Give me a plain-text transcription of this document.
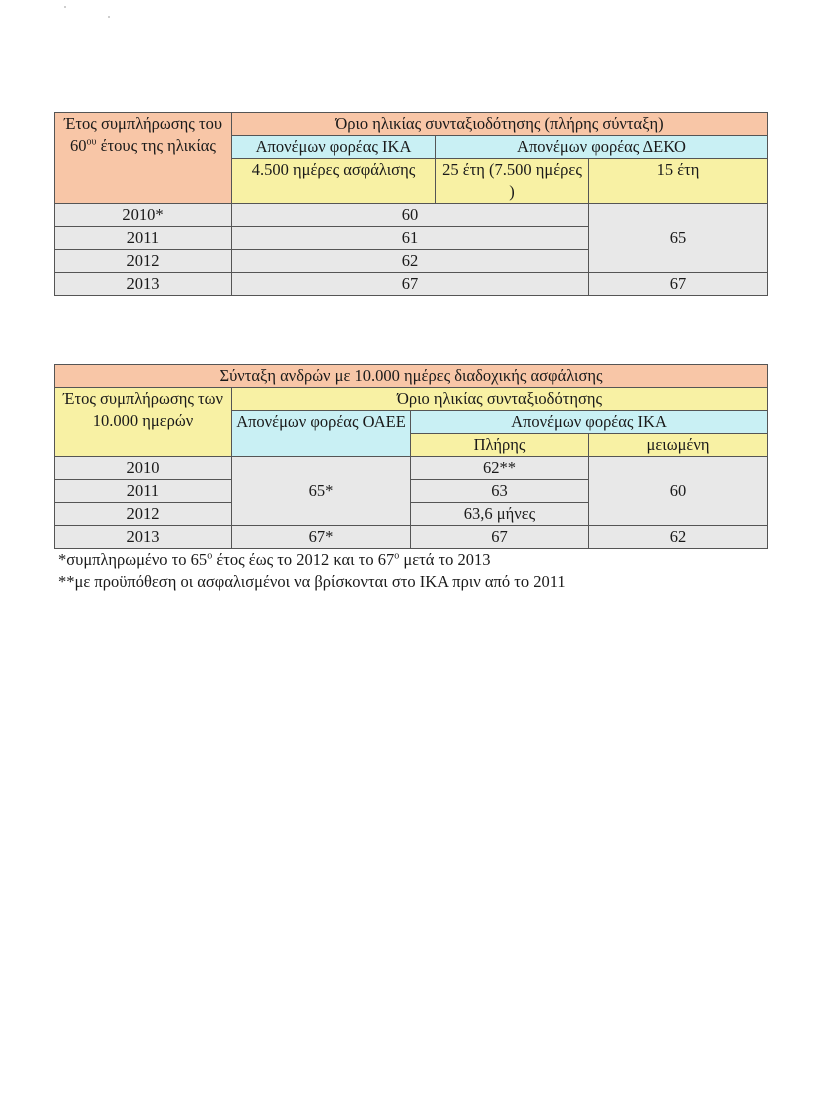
Έτος συμπλήρωσης του $60^{o\upsilon}$ έτους της ηλικίας	Όριο ηλικίας συνταξιοδότησης (πλήρης σύνταξη)		
	Απονέμων φορέας ΙΚΑ	Απονέμων φορέας ΔΕΚΟ	
	4.500 ημέρες ασφάλισης	25 έτη (7.500 ημέρες )	15 έτη
2010*	60		65
2011	61		
2012	62		
2013	67		67
Σύνταξη ανδρών με 10.000 ημέρες διαδοχικής ασφάλισης			
Έτος συμπλήρωσης των 10.000 ημερών	Όριο ηλικίας συνταξιοδότησης		
	Απονέμων φορέας ΟΑΕΕ	Απονέμων φορέας ΙΚΑ	
		Πλήρης	μειωμένη
2010	65*	62**	60
2011		63	
2012		63,6 μήνες	
2013	67*	67	62
*συμπληρωμένο το $65^o$ έτος έως το 2012 και το $67^o$ μετά το 2013
**με προϋπόθεση οι ασφαλισμένοι να βρίσκονται στο ΙΚΑ πριν από το 2011
